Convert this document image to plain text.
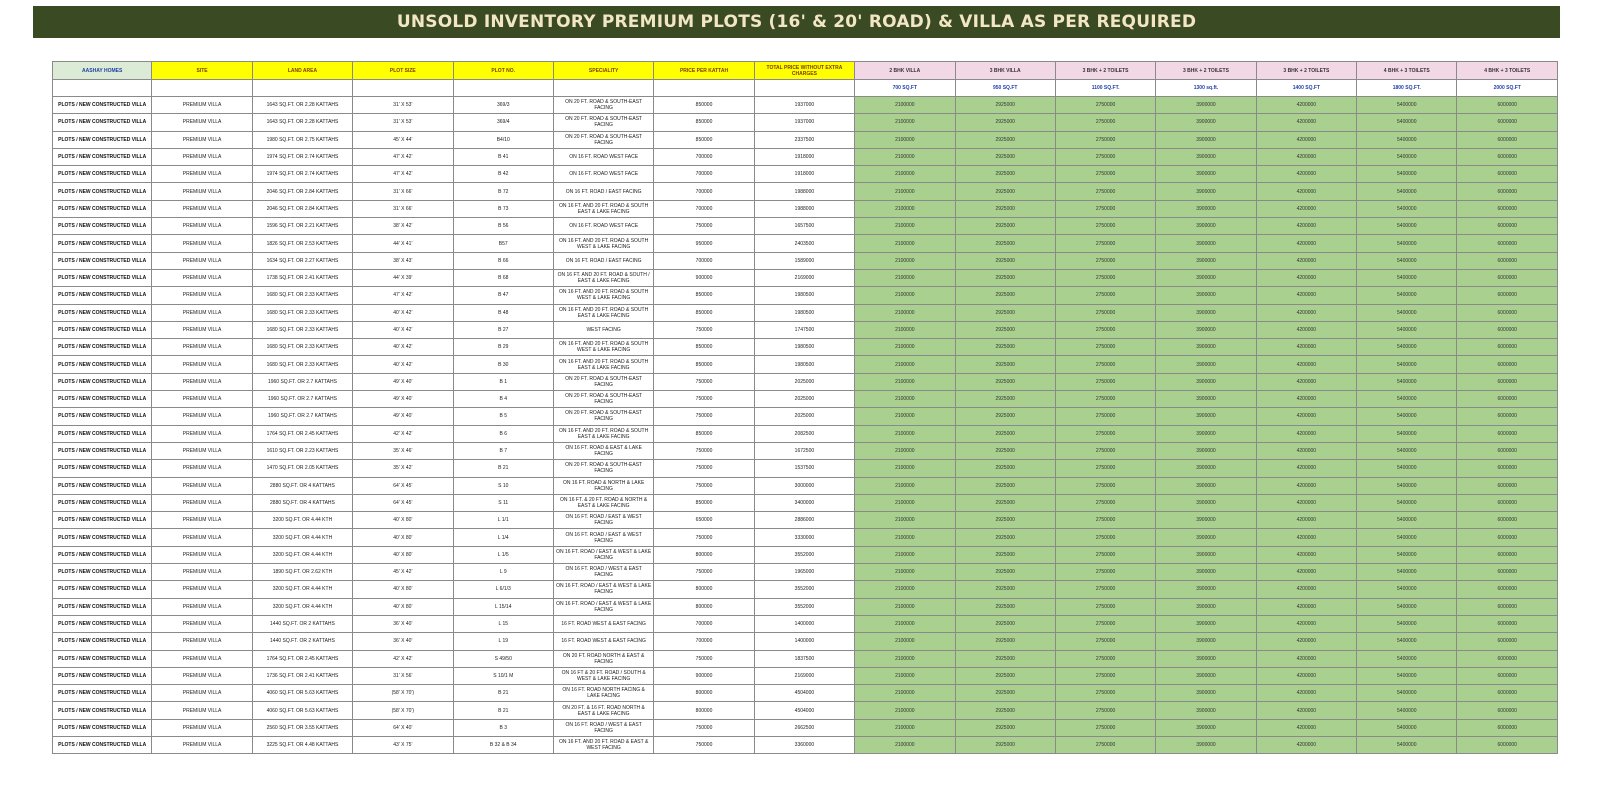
UNSOLD INVENTORY PREMIUM PLOTS (16' & 20' ROAD) & VILLA AS PER REQUIRED
AASHAY HOMES	SITE	LAND AREA	PLOT SIZE	PLOT NO.	SPECIALITY	PRICE PER KATTAH	TOTAL PRICE WITHOUT EXTRA CHARGES	2 BHK VILLA	3 BHK VILLA	3 BHK + 2 TOILETS	3 BHK + 2 TOILETS	3 BHK + 2 TOILETS	4 BHK + 3 TOILETS	4 BHK + 3 TOILETS
								700 SQ.FT	950 SQ.FT	1100 SQ.FT.	1300 sq.ft.	1400 SQ.FT	1800 SQ.FT.	2000 SQ.FT
PLOTS / NEW CONSTRUCTED VILLA	PREMIUM VILLA	1643 SQ.FT. OR 2.28 KATTAHS	31' X 53'	369/3	ON 20 FT. ROAD & SOUTH-EAST FACING	850000	1937000	2100000	2925000	2750000	3900000	4200000	5400000	6000000
PLOTS / NEW CONSTRUCTED VILLA	PREMIUM VILLA	1643 SQ.FT. OR 2.28 KATTAHS	31' X 53'	369/4	ON 20 FT. ROAD & SOUTH-EAST FACING	850000	1937000	2100000	2925000	2750000	3900000	4200000	5400000	6000000
PLOTS / NEW CONSTRUCTED VILLA	PREMIUM VILLA	1980 SQ.FT. OR 2.75 KATTAHS	45' X 44'	B4/10	ON 20 FT. ROAD & SOUTH-EAST FACING	850000	2337500	2100000	2925000	2750000	3900000	4200000	5400000	6000000
PLOTS / NEW CONSTRUCTED VILLA	PREMIUM VILLA	1974 SQ.FT. OR 2.74 KATTAHS	47' X 42'	B 41	ON 16 FT. ROAD WEST FACE	700000	1918000	2100000	2925000	2750000	3900000	4200000	5400000	6000000
PLOTS / NEW CONSTRUCTED VILLA	PREMIUM VILLA	1974 SQ.FT. OR 2.74 KATTAHS	47' X 42'	B 42	ON 16 FT. ROAD WEST FACE	700000	1918000	2100000	2925000	2750000	3900000	4200000	5400000	6000000
PLOTS / NEW CONSTRUCTED VILLA	PREMIUM VILLA	2046 SQ.FT. OR 2.84 KATTAHS	31' X 66'	B 72	ON 16 FT. ROAD / EAST FACING	700000	1988000	2100000	2925000	2750000	3900000	4200000	5400000	6000000
PLOTS / NEW CONSTRUCTED VILLA	PREMIUM VILLA	2046 SQ.FT. OR 2.84 KATTAHS	31' X 66'	B 73	ON 16 FT. AND 20 FT. ROAD & SOUTH EAST & LAKE FACING	700000	1988000	2100000	2925000	2750000	3900000	4200000	5400000	6000000
PLOTS / NEW CONSTRUCTED VILLA	PREMIUM VILLA	1596 SQ.FT. OR 2.21 KATTAHS	38' X 42'	B 56	ON 16 FT. ROAD WEST FACE	750000	1657500	2100000	2925000	2750000	3900000	4200000	5400000	6000000
PLOTS / NEW CONSTRUCTED VILLA	PREMIUM VILLA	1826 SQ.FT. OR 2.53 KATTAHS	44' X 41'	B57	ON 16 FT. AND 20 FT. ROAD & SOUTH WEST & LAKE FACING	950000	2403500	2100000	2925000	2750000	3900000	4200000	5400000	6000000
PLOTS / NEW CONSTRUCTED VILLA	PREMIUM VILLA	1634 SQ.FT. OR 2.27 KATTAHS	38' X 43'	B 66	ON 16 FT. ROAD / EAST FACING	700000	1589000	2100000	2925000	2750000	3900000	4200000	5400000	6000000
PLOTS / NEW CONSTRUCTED VILLA	PREMIUM VILLA	1738 SQ.FT. OR 2.41 KATTAHS	44' X 39'	B 68	ON 16 FT. AND 20 FT. ROAD & SOUTH / EAST & LAKE FACING	900000	2169000	2100000	2925000	2750000	3900000	4200000	5400000	6000000
PLOTS / NEW CONSTRUCTED VILLA	PREMIUM VILLA	1680 SQ.FT. OR 2.33 KATTAHS	47' X 42'	B 47	ON 16 FT. AND 20 FT. ROAD & SOUTH WEST & LAKE FACING	850000	1980500	2100000	2925000	2750000	3900000	4200000	5400000	6000000
PLOTS / NEW CONSTRUCTED VILLA	PREMIUM VILLA	1680 SQ.FT. OR 2.33 KATTAHS	40' X 42'	B 48	ON 16 FT. AND 20 FT. ROAD & SOUTH EAST & LAKE FACING	850000	1980500	2100000	2925000	2750000	3900000	4200000	5400000	6000000
PLOTS / NEW CONSTRUCTED VILLA	PREMIUM VILLA	1680 SQ.FT. OR 2.33 KATTAHS	40' X 42'	B 27	WEST FACING	750000	1747500	2100000	2925000	2750000	3900000	4200000	5400000	6000000
PLOTS / NEW CONSTRUCTED VILLA	PREMIUM VILLA	1680 SQ.FT. OR 2.33 KATTAHS	40' X 42'	B 29	ON 16 FT. AND 20 FT. ROAD & SOUTH WEST & LAKE FACING	850000	1980500	2100000	2925000	2750000	3900000	4200000	5400000	6000000
PLOTS / NEW CONSTRUCTED VILLA	PREMIUM VILLA	1680 SQ.FT. OR 2.33 KATTAHS	40' X 42'	B 30	ON 16 FT. AND 20 FT. ROAD & SOUTH EAST & LAKE FACING	850000	1980500	2100000	2925000	2750000	3900000	4200000	5400000	6000000
PLOTS / NEW CONSTRUCTED VILLA	PREMIUM VILLA	1960 SQ.FT. OR 2.7 KATTAHS	49' X 40'	B 1	ON 20 FT. ROAD & SOUTH-EAST FACING	750000	2025000	2100000	2925000	2750000	3900000	4200000	5400000	6000000
PLOTS / NEW CONSTRUCTED VILLA	PREMIUM VILLA	1960 SQ.FT. OR 2.7 KATTAHS	49' X 40'	B 4	ON 20 FT. ROAD & SOUTH-EAST FACING	750000	2025000	2100000	2925000	2750000	3900000	4200000	5400000	6000000
PLOTS / NEW CONSTRUCTED VILLA	PREMIUM VILLA	1960 SQ.FT. OR 2.7 KATTAHS	49' X 40'	B 5	ON 20 FT. ROAD & SOUTH-EAST FACING	750000	2025000	2100000	2925000	2750000	3900000	4200000	5400000	6000000
PLOTS / NEW CONSTRUCTED VILLA	PREMIUM VILLA	1764 SQ.FT. OR 2.45 KATTAHS	42' X 42'	B 6	ON 16 FT. AND 20 FT. ROAD & SOUTH EAST & LAKE FACING	850000	2082500	2100000	2925000	2750000	3900000	4200000	5400000	6000000
PLOTS / NEW CONSTRUCTED VILLA	PREMIUM VILLA	1610 SQ.FT. OR 2.23 KATTAHS	35' X 46'	B 7	ON 16 FT. ROAD & EAST & LAKE FACING	750000	1672500	2100000	2925000	2750000	3900000	4200000	5400000	6000000
PLOTS / NEW CONSTRUCTED VILLA	PREMIUM VILLA	1470 SQ.FT. OR 2.05 KATTAHS	35' X 42'	B 21	ON 20 FT. ROAD & SOUTH-EAST FACING	750000	1537500	2100000	2925000	2750000	3900000	4200000	5400000	6000000
PLOTS / NEW CONSTRUCTED VILLA	PREMIUM VILLA	2880 SQ.FT. OR 4 KATTAHS	64' X 45'	S 10	ON 16 FT. ROAD & NORTH & LAKE FACING	750000	3000000	2100000	2925000	2750000	3900000	4200000	5400000	6000000
PLOTS / NEW CONSTRUCTED VILLA	PREMIUM VILLA	2880 SQ.FT. OR 4 KATTAHS	64' X 45'	S 11	ON 16 FT. & 20 FT. ROAD & NORTH & EAST & LAKE FACING	850000	3400000	2100000	2925000	2750000	3900000	4200000	5400000	6000000
PLOTS / NEW CONSTRUCTED VILLA	PREMIUM VILLA	3200 SQ.FT. OR 4.44 KTH	40' X 80'	L 1/1	ON 16 FT. ROAD / EAST & WEST FACING	650000	2886000	2100000	2925000	2750000	3900000	4200000	5400000	6000000
PLOTS / NEW CONSTRUCTED VILLA	PREMIUM VILLA	3200 SQ.FT. OR 4.44 KTH	40' X 80'	L 1/4	ON 16 FT. ROAD / EAST & WEST FACING	750000	3330000	2100000	2925000	2750000	3900000	4200000	5400000	6000000
PLOTS / NEW CONSTRUCTED VILLA	PREMIUM VILLA	3200 SQ.FT. OR 4.44 KTH	40' X 80'	L 1/5	ON 16 FT. ROAD / EAST & WEST & LAKE FACING	800000	3552000	2100000	2925000	2750000	3900000	4200000	5400000	6000000
PLOTS / NEW CONSTRUCTED VILLA	PREMIUM VILLA	1890 SQ.FT. OR 2.62 KTH	45' X 42'	L 9	ON 16 FT. ROAD / WEST & EAST FACING	750000	1965000	2100000	2925000	2750000	3900000	4200000	5400000	6000000
PLOTS / NEW CONSTRUCTED VILLA	PREMIUM VILLA	3200 SQ.FT. OR 4.44 KTH	40' X 80'	L 6/1/3	ON 16 FT. ROAD / EAST & WEST & LAKE FACING	800000	3552000	2100000	2925000	2750000	3900000	4200000	5400000	6000000
PLOTS / NEW CONSTRUCTED VILLA	PREMIUM VILLA	3200 SQ.FT. OR 4.44 KTH	40' X 80'	L 15/14	ON 16 FT. ROAD / EAST & WEST & LAKE FACING	800000	3552000	2100000	2925000	2750000	3900000	4200000	5400000	6000000
PLOTS / NEW CONSTRUCTED VILLA	PREMIUM VILLA	1440 SQ.FT. OR 2 KATTAHS	36' X 40'	L 15	16 FT. ROAD WEST & EAST FACING	700000	1400000	2100000	2925000	2750000	3900000	4200000	5400000	6000000
PLOTS / NEW CONSTRUCTED VILLA	PREMIUM VILLA	1440 SQ.FT. OR 2 KATTAHS	36' X 40'	L 19	16 FT. ROAD WEST & EAST FACING	700000	1400000	2100000	2925000	2750000	3900000	4200000	5400000	6000000
PLOTS / NEW CONSTRUCTED VILLA	PREMIUM VILLA	1764 SQ.FT. OR 2.45 KATTAHS	42' X 42'	S 49/50	ON 20 FT. ROAD NORTH & EAST & FACING	750000	1837500	2100000	2925000	2750000	3900000	4200000	5400000	6000000
PLOTS / NEW CONSTRUCTED VILLA	PREMIUM VILLA	1736 SQ.FT. OR 2.41 KATTAHS	31' X 56'	S 10/1 M	ON 16 FT & 20 FT. ROAD / SOUTH & WEST & LAKE FACING	900000	2169000	2100000	2925000	2750000	3900000	4200000	5400000	6000000
PLOTS / NEW CONSTRUCTED VILLA	PREMIUM VILLA	4060 SQ.FT. OR 5.63 KATTAHS	(58' X 70')	B 21	ON 16 FT. ROAD NORTH FACING & LAKE FACING	800000	4504000	2100000	2925000	2750000	3900000	4200000	5400000	6000000
PLOTS / NEW CONSTRUCTED VILLA	PREMIUM VILLA	4060 SQ.FT. OR 5.63 KATTAHS	(58' X 70')	B 21	ON 20 FT. & 16 FT. ROAD NORTH & EAST & LAKE FACING	800000	4504000	2100000	2925000	2750000	3900000	4200000	5400000	6000000
PLOTS / NEW CONSTRUCTED VILLA	PREMIUM VILLA	2560 SQ.FT. OR 3.55 KATTAHS	64' X 40'	B 3	ON 16 FT. ROAD / WEST & EAST FACING	750000	2662500	2100000	2925000	2750000	3900000	4200000	5400000	6000000
PLOTS / NEW CONSTRUCTED VILLA	PREMIUM VILLA	3225 SQ.FT. OR 4.48 KATTAHS	43' X 75'	B 32 & B 34	ON 16 FT. AND 20 FT. ROAD & EAST & WEST FACING	750000	3360000	2100000	2925000	2750000	3900000	4200000	5400000	6000000
